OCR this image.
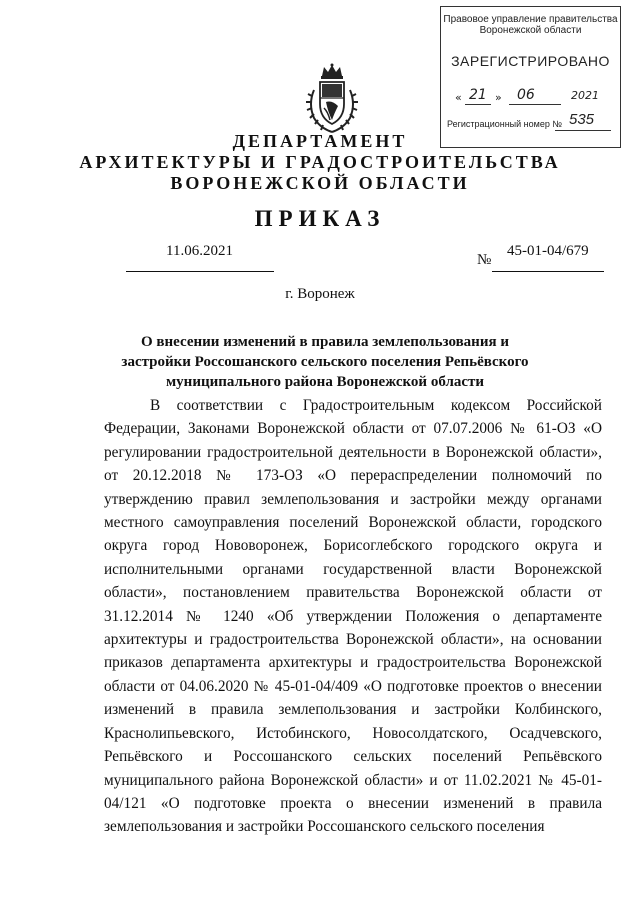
Правовое управление правительства
Воронежской области
ЗАРЕГИСТРИРОВАНО
« 21 » 06	2021
Регистрационный номер № 535
ДЕПАРТАМЕНТ
АРХИТЕКТУРЫ И ГРАДОСТРОИТЕЛЬСТВА
ВОРОНЕЖСКОЙ ОБЛАСТИ
ПРИКАЗ
11.06.2021
№
45-01-04/679
г. Воронеж
О внесении изменений в правила землепользования и застройки Россошанского сельского поселения Репьёвского муниципального района Воронежской области

В соответствии с Градостроительным кодексом Российской Федерации, Законами Воронежской области от 07.07.2006 № 61-ОЗ «О регулировании градостроительной деятельности в Воронежской области», от 20.12.2018 № 173-ОЗ «О перераспределении полномочий по утверждению правил землепользования и застройки между органами местного самоуправления поселений Воронежской области, городского округа город Нововоронеж, Борисоглебского городского округа и исполнительными органами государственной власти Воронежской области», постановлением правительства Воронежской области от 31.12.2014 № 1240 «Об утверждении Положения о департаменте архитектуры и градостроительства Воронежской области», на основании приказов департамента архитектуры и градостроительства Воронежской области от 04.06.2020 № 45-01-04/409 «О подготовке проектов о внесении изменений в правила землепользования и застройки Колбинского, Краснолипьевского, Истобинского, Новосолдатского, Осадчевского, Репьёвского и Россошанского сельских поселений Репьёвского муниципального района Воронежской области» и от 11.02.2021 № 45-01-04/121 «О подготовке проекта о внесении изменений в правила землепользования и застройки Россошанского сельского поселения
